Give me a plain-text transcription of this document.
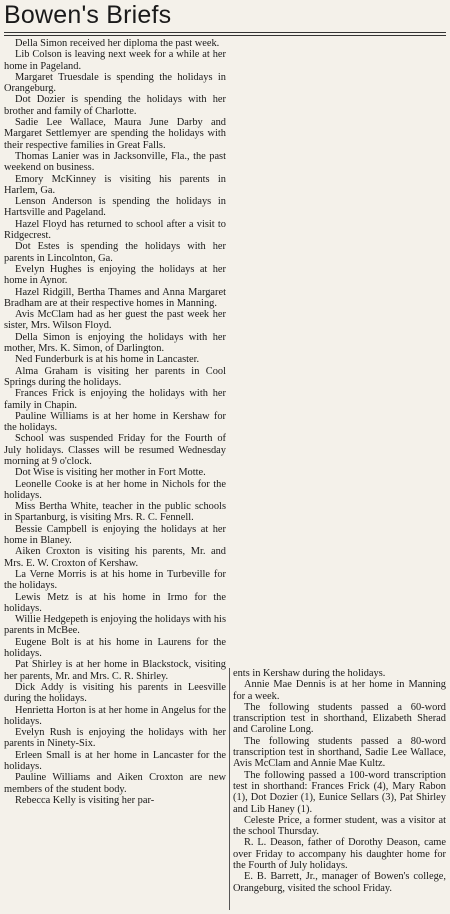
Bowen's Briefs

Della Simon received her diploma the past week.

Lib Colson is leaving next week for a while at her home in Pageland.

Margaret Truesdale is spending the holidays in Orangeburg.

Dot Dozier is spending the holidays with her brother and family of Charlotte.

Sadie Lee Wallace, Maura June Darby and Margaret Settlemyer are spending the holidays with their respective families in Great Falls.

Thomas Lanier was in Jacksonville, Fla., the past weekend on business.

Emory McKinney is visiting his parents in Harlem, Ga.

Lenson Anderson is spending the holidays in Hartsville and Pageland.

Hazel Floyd has returned to school after a visit to Ridgecrest.

Dot Estes is spending the holidays with her parents in Lincolnton, Ga.

Evelyn Hughes is enjoying the holidays at her home in Aynor.

Hazel Ridgill, Bertha Thames and Anna Margaret Bradham are at their respective homes in Manning.

Avis McClam had as her guest the past week her sister, Mrs. Wilson Floyd.

Della Simon is enjoying the holidays with her mother, Mrs. K. Simon, of Darlington.

Ned Funderburk is at his home in Lancaster.

Alma Graham is visiting her parents in Cool Springs during the holidays.

Frances Frick is enjoying the holidays with her family in Chapin.

Pauline Williams is at her home in Kershaw for the holidays.

School was suspended Friday for the Fourth of July holidays. Classes will be resumed Wednesday morning at 9 o'clock.

Dot Wise is visiting her mother in Fort Motte.

Leonelle Cooke is at her home in Nichols for the holidays.

Miss Bertha White, teacher in the public schools in Spartanburg, is visiting Mrs. R. C. Fennell.

Bessie Campbell is enjoying the holidays at her home in Blaney.

Aiken Croxton is visiting his parents, Mr. and Mrs. E. W. Croxton of Kershaw.

La Verne Morris is at his home in Turbeville for the holidays.

Lewis Metz is at his home in Irmo for the holidays.

Willie Hedgepeth is enjoying the holidays with his parents in McBee.

Eugene Bolt is at his home in Laurens for the holidays.

Pat Shirley is at her home in Blackstock, visiting her parents, Mr. and Mrs. C. R. Shirley.

Dick Addy is visiting his parents in Leesville during the holidays.

Henrietta Horton is at her home in Angelus for the holidays.

Evelyn Rush is enjoying the holidays with her parents in Ninety-Six.

Erleen Small is at her home in Lancaster for the holidays.

Pauline Williams and Aiken Croxton are new members of the student body.

Rebecca Kelly is visiting her par-

ents in Kershaw during the holidays.

Annie Mae Dennis is at her home in Manning for a week.

The following students passed a 60-word transcription test in shorthand, Elizabeth Sherad and Caroline Long.

The following students passed a 80-word transcription test in shorthand, Sadie Lee Wallace, Avis McClam and Annie Mae Kultz.

The following passed a 100-word transcription test in shorthand: Frances Frick (4), Mary Rabon (1), Dot Dozier (1), Eunice Sellars (3), Pat Shirley and Lib Haney (1).

Celeste Price, a former student, was a visitor at the school Thursday.

R. L. Deason, father of Dorothy Deason, came over Friday to accompany his daughter home for the Fourth of July holidays.

E. B. Barrett, Jr., manager of Bowen's college, Orangeburg, visited the school Friday.
